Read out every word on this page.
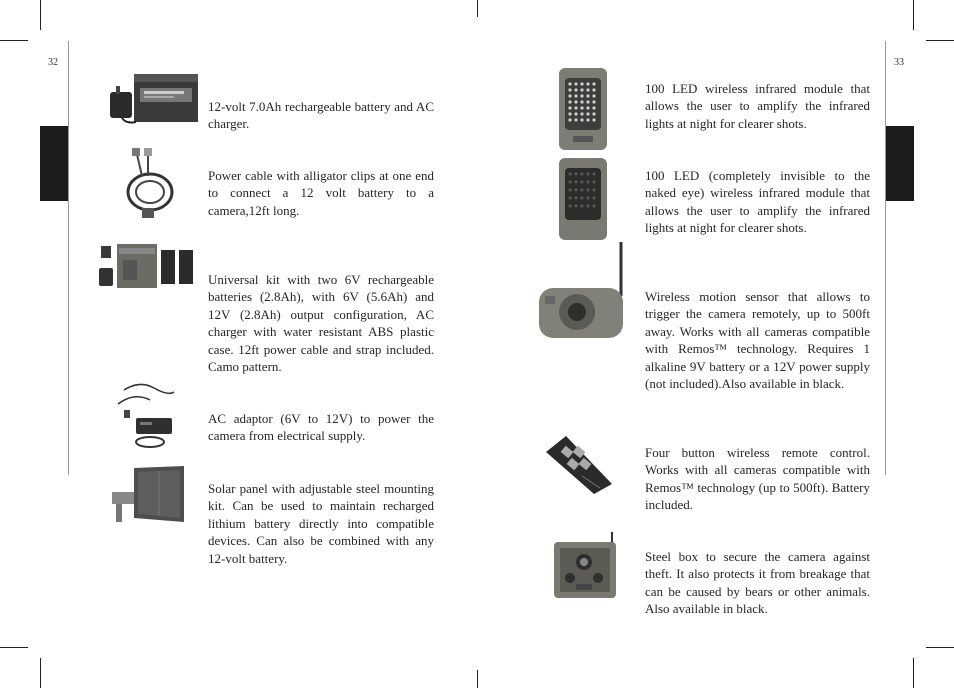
32	33

12-volt 7.0Ah rechargeable battery and AC charger.

Power cable with alligator clips at one end to connect a 12 volt battery to a camera,12ft long.

Universal kit with two 6V rechargeable batteries (2.8Ah), with 6V (5.6Ah) and 12V (2.8Ah) output configuration, AC charger with water resistant ABS plastic case. 12ft power cable and strap included. Camo pattern.

AC adaptor (6V to 12V) to power the camera from electrical supply.

Solar panel with adjustable steel mounting kit. Can be used to maintain recharged lithium battery directly into compatible devices. Can also be combined with any 12-volt battery.

100 LED wireless infrared module that allows the user to amplify the infrared lights at night for clearer shots.

100 LED (completely invisible to the naked eye) wireless infrared module that allows the user to amplify the infrared lights at night for clearer shots.

Wireless motion sensor that allows to trigger the camera remotely, up to 500ft away. Works with all cameras compatible with Remos™ technology. Requires 1 alkaline 9V battery or a 12V power supply (not included).Also available in black.

Four button wireless remote control. Works with all cameras compatible with Remos™ technology (up to 500ft). Battery included.

Steel box to secure the camera against theft. It also protects it from breakage that can be caused by bears or other animals. Also available in black.
